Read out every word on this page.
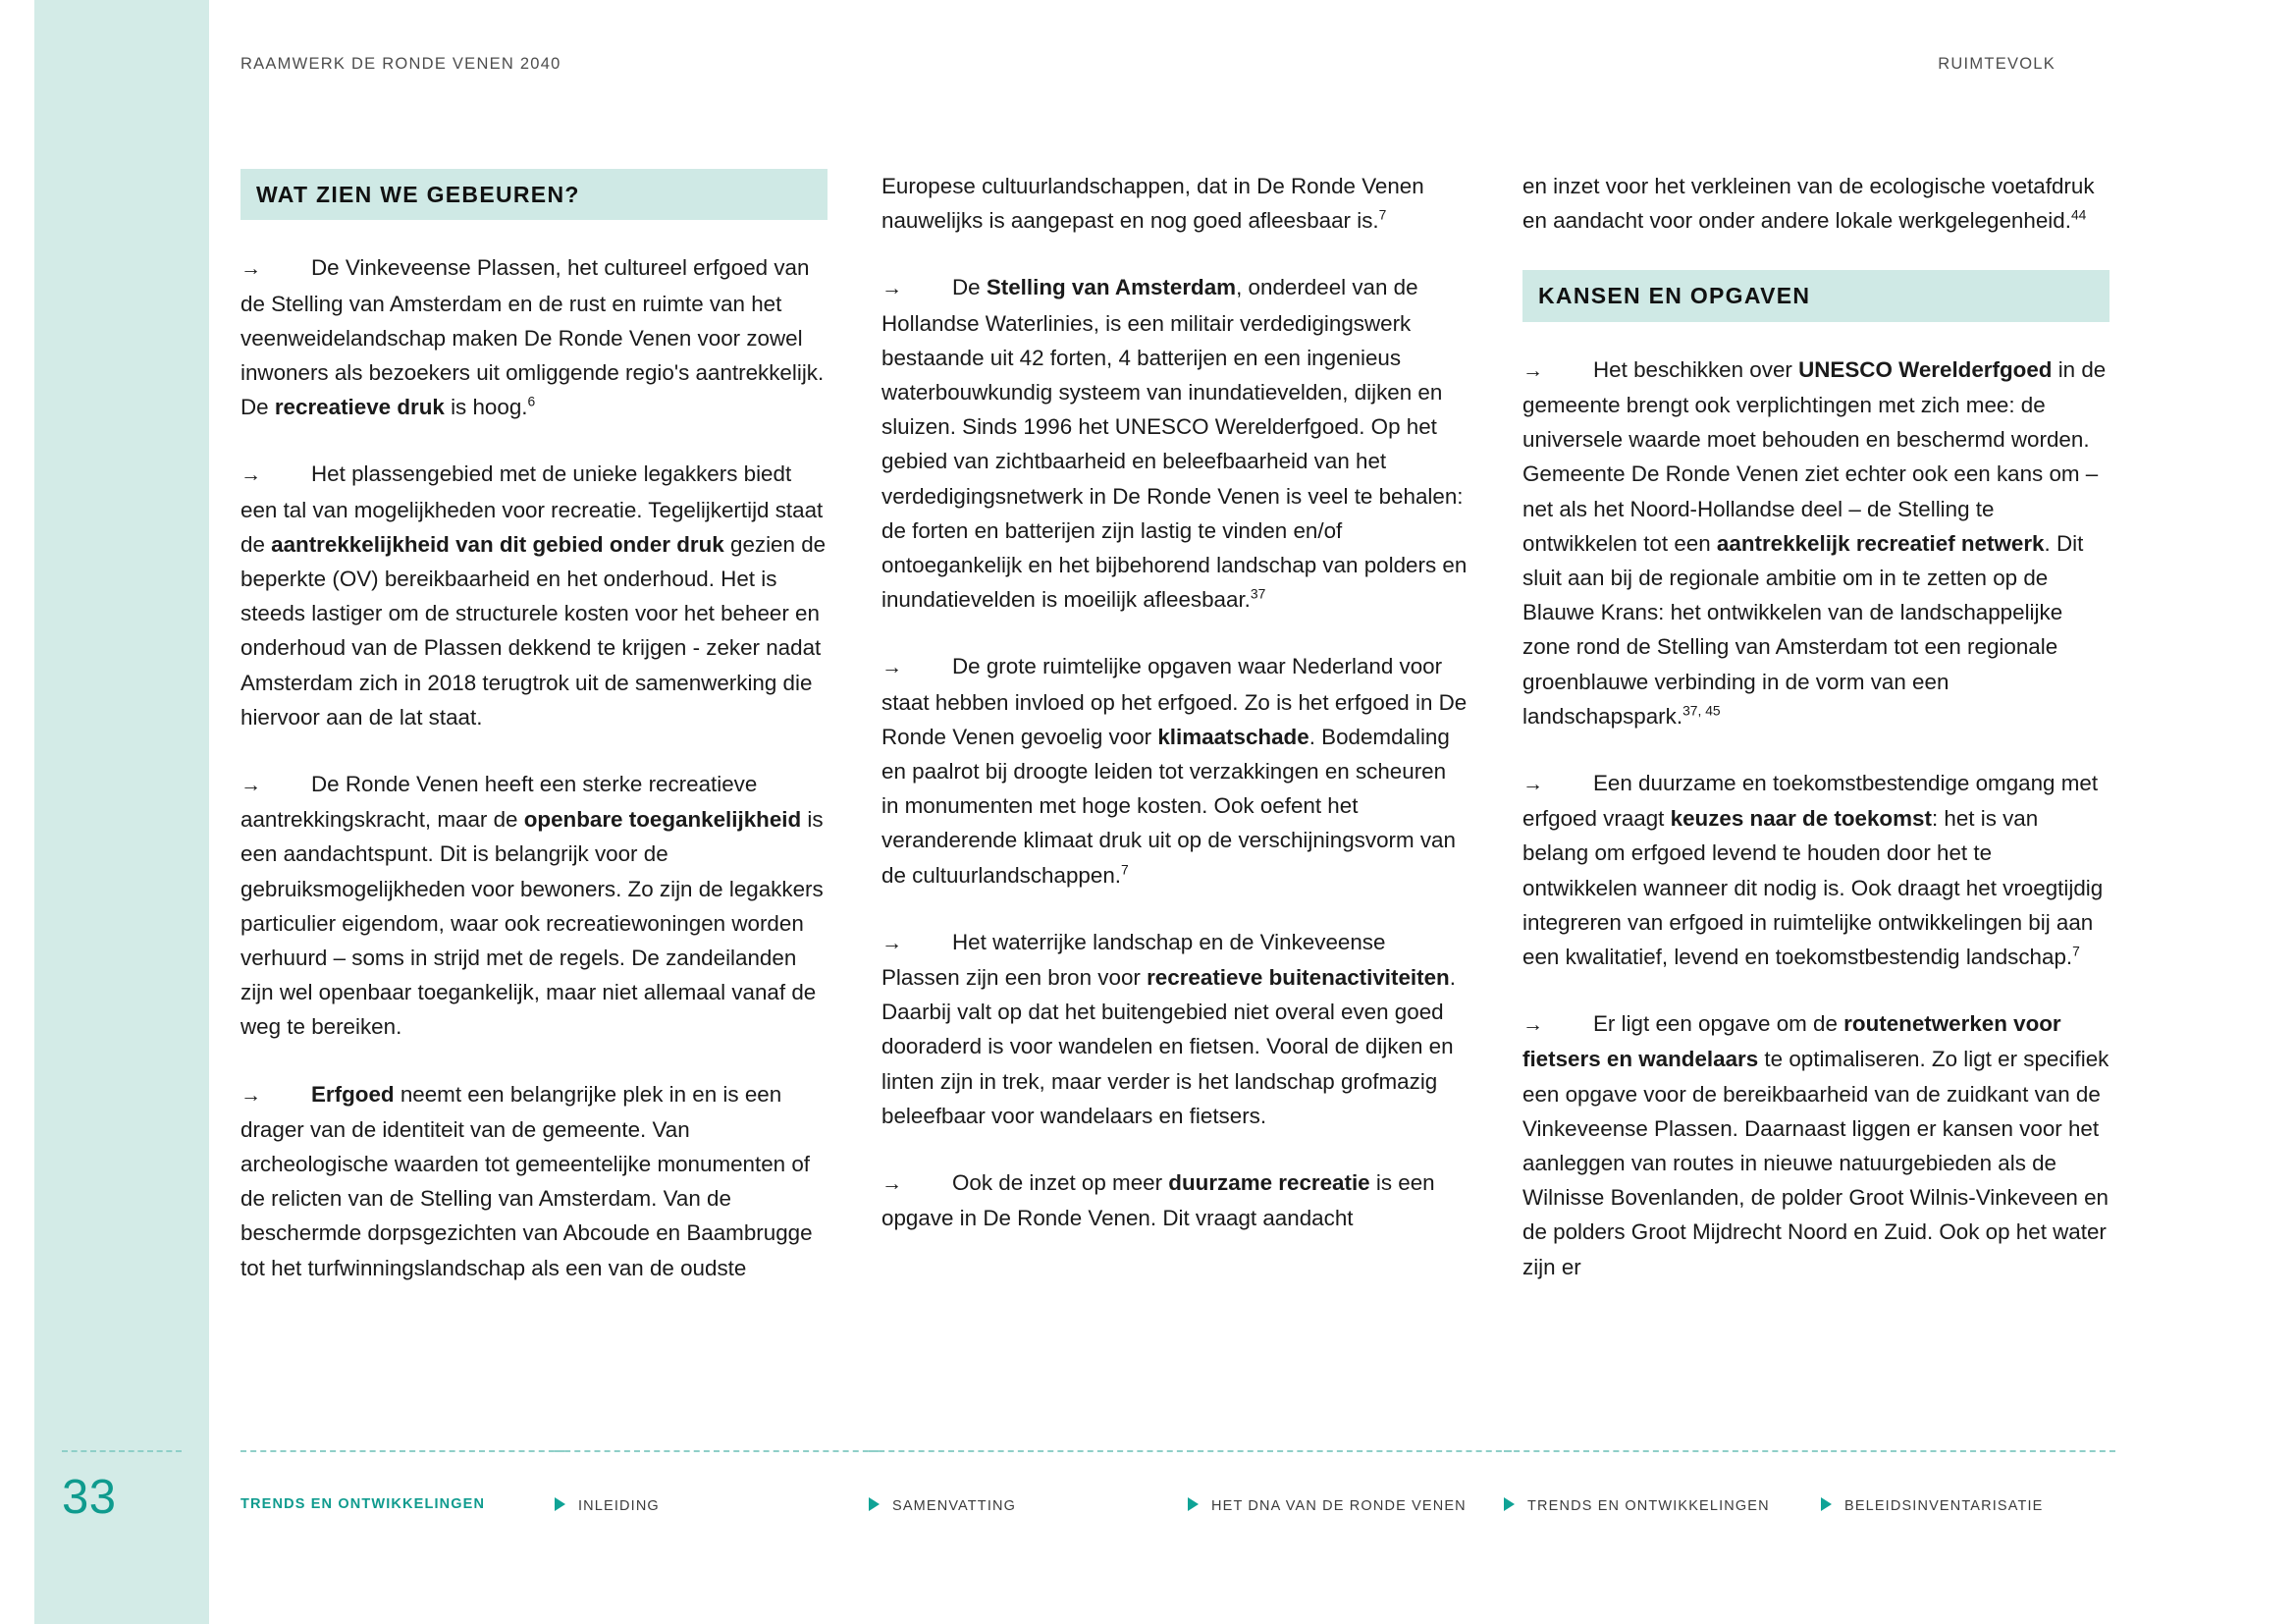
RAAMWERK DE RONDE VENEN 2040	RUIMTEVOLK
WAT ZIEN WE GEBEUREN?

→ De Vinkeveense Plassen, het cultureel erfgoed van de Stelling van Amsterdam en de rust en ruimte van het veenweidelandschap maken De Ronde Venen voor zowel inwoners als bezoekers uit omliggende regio's aantrekkelijk. De recreatieve druk is hoog.$^6$

→ Het plassengebied met de unieke legakkers biedt een tal van mogelijkheden voor recreatie. Tegelijkertijd staat de aantrekkelijkheid van dit gebied onder druk gezien de beperkte (OV) bereikbaarheid en het onderhoud. Het is steeds lastiger om de structurele kosten voor het beheer en onderhoud van de Plassen dekkend te krijgen - zeker nadat Amsterdam zich in 2018 terugtrok uit de samenwerking die hiervoor aan de lat staat.

→ De Ronde Venen heeft een sterke recreatieve aantrekkingskracht, maar de openbare toegankelijkheid is een aandachtspunt. Dit is belangrijk voor de gebruiksmogelijkheden voor bewoners. Zo zijn de legakkers particulier eigendom, waar ook recreatiewoningen worden verhuurd – soms in strijd met de regels. De zandeilanden zijn wel openbaar toegankelijk, maar niet allemaal vanaf de weg te bereiken.

→ Erfgoed neemt een belangrijke plek in en is een drager van de identiteit van de gemeente. Van archeologische waarden tot gemeentelijke monumenten of de relicten van de Stelling van Amsterdam. Van de beschermde dorpsgezichten van Abcoude en Baambrugge tot het turfwinningslandschap als een van de oudste

Europese cultuurlandschappen, dat in De Ronde Venen nauwelijks is aangepast en nog goed afleesbaar is.$^7$

→ De Stelling van Amsterdam, onderdeel van de Hollandse Waterlinies, is een militair verdedigingswerk bestaande uit 42 forten, 4 batterijen en een ingenieus waterbouwkundig systeem van inundatievelden, dijken en sluizen. Sinds 1996 het UNESCO Werelderfgoed. Op het gebied van zichtbaarheid en beleefbaarheid van het verdedigingsnetwerk in De Ronde Venen is veel te behalen: de forten en batterijen zijn lastig te vinden en/of ontoegankelijk en het bijbehorend landschap van polders en inundatievelden is moeilijk afleesbaar.$^{37}$

→ De grote ruimtelijke opgaven waar Nederland voor staat hebben invloed op het erfgoed. Zo is het erfgoed in De Ronde Venen gevoelig voor klimaatschade. Bodemdaling en paalrot bij droogte leiden tot verzakkingen en scheuren in monumenten met hoge kosten. Ook oefent het veranderende klimaat druk uit op de verschijningsvorm van de cultuurlandschappen.$^7$

→ Het waterrijke landschap en de Vinkeveense Plassen zijn een bron voor recreatieve buitenactiviteiten. Daarbij valt op dat het buitengebied niet overal even goed dooraderd is voor wandelen en fietsen. Vooral de dijken en linten zijn in trek, maar verder is het landschap grofmazig beleefbaar voor wandelaars en fietsers.

→ Ook de inzet op meer duurzame recreatie is een opgave in De Ronde Venen. Dit vraagt aandacht

en inzet voor het verkleinen van de ecologische voetafdruk en aandacht voor onder andere lokale werkgelegenheid.$^{44}$

KANSEN EN OPGAVEN

→ Het beschikken over UNESCO Werelderfgoed in de gemeente brengt ook verplichtingen met zich mee: de universele waarde moet behouden en beschermd worden. Gemeente De Ronde Venen ziet echter ook een kans om – net als het Noord-Hollandse deel – de Stelling te ontwikkelen tot een aantrekkelijk recreatief netwerk. Dit sluit aan bij de regionale ambitie om in te zetten op de Blauwe Krans: het ontwikkelen van de landschappelijke zone rond de Stelling van Amsterdam tot een regionale groenblauwe verbinding in de vorm van een landschapspark.$^{37, 45}$

→ Een duurzame en toekomstbestendige omgang met erfgoed vraagt keuzes naar de toekomst: het is van belang om erfgoed levend te houden door het te ontwikkelen wanneer dit nodig is. Ook draagt het vroegtijdig integreren van erfgoed in ruimtelijke ontwikkelingen bij aan een kwalitatief, levend en toekomstbestendig landschap.$^7$

→ Er ligt een opgave om de routenetwerken voor fietsers en wandelaars te optimaliseren. Zo ligt er specifiek een opgave voor de bereikbaarheid van de zuidkant van de Vinkeveense Plassen. Daarnaast liggen er kansen voor het aanleggen van routes in nieuwe natuurgebieden als de Wilnisse Bovenlanden, de polder Groot Wilnis-Vinkeveen en de polders Groot Mijdrecht Noord en Zuid. Ook op het water zijn er

33	TRENDS EN ONTWIKKELINGEN	INLEIDING	SAMENVATTING	HET DNA VAN DE RONDE VENEN	TRENDS EN ONTWIKKELINGEN	BELEIDSINVENTARISATIE
